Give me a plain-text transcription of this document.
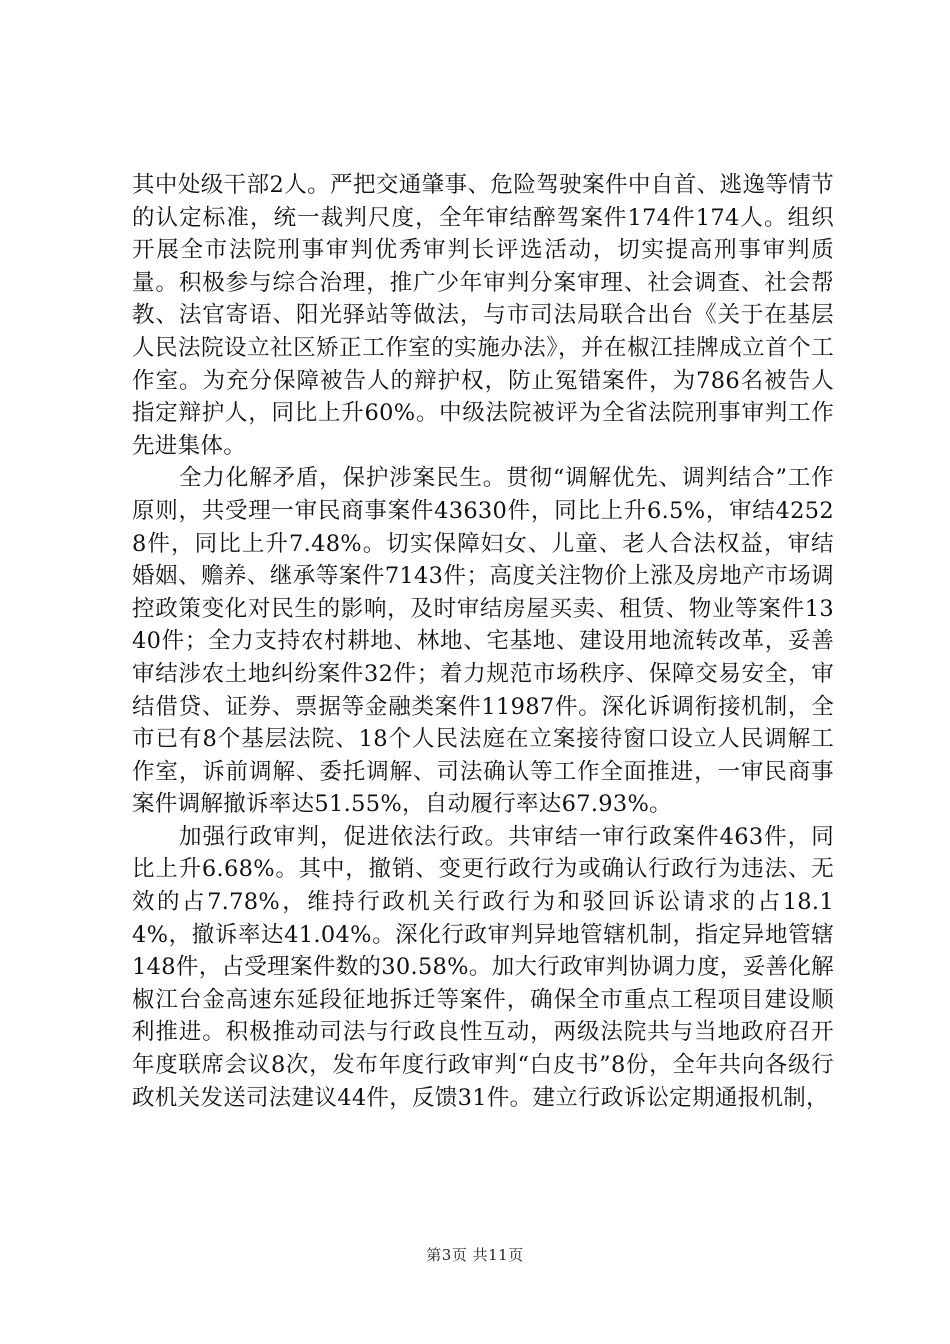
其中处级干部2人。严把交通肇事、危险驾驶案件中自首、逃逸等情节的认定标准，统一裁判尺度，全年审结醉驾案件174件174人。组织开展全市法院刑事审判优秀审判长评选活动，切实提高刑事审判质量。积极参与综合治理，推广少年审判分案审理、社会调查、社会帮教、法官寄语、阳光驿站等做法，与市司法局联合出台《关于在基层人民法院设立社区矫正工作室的实施办法》，并在椒江挂牌成立首个工作室。为充分保障被告人的辩护权，防止冤错案件，为786名被告人指定辩护人，同比上升60%。中级法院被评为全省法院刑事审判工作先进集体。

全力化解矛盾，保护涉案民生。贯彻“调解优先、调判结合”工作原则，共受理一审民商事案件43630件，同比上升6.5%，审结42528件，同比上升7.48%。切实保障妇女、儿童、老人合法权益，审结婚姻、赡养、继承等案件7143件；高度关注物价上涨及房地产市场调控政策变化对民生的影响，及时审结房屋买卖、租赁、物业等案件1340件；全力支持农村耕地、林地、宅基地、建设用地流转改革，妥善审结涉农土地纠纷案件32件；着力规范市场秩序、保障交易安全，审结借贷、证券、票据等金融类案件11987件。深化诉调衔接机制，全市已有8个基层法院、18个人民法庭在立案接待窗口设立人民调解工作室，诉前调解、委托调解、司法确认等工作全面推进，一审民商事案件调解撤诉率达51.55%，自动履行率达67.93%。

加强行政审判，促进依法行政。共审结一审行政案件463件，同比上升6.68%。其中，撤销、变更行政行为或确认行政行为违法、无效的占7.78%，维持行政机关行政行为和驳回诉讼请求的占18.14%，撤诉率达41.04%。深化行政审判异地管辖机制，指定异地管辖148件，占受理案件数的30.58%。加大行政审判协调力度，妥善化解椒江台金高速东延段征地拆迁等案件，确保全市重点工程项目建设顺利推进。积极推动司法与行政良性互动，两级法院共与当地政府召开年度联席会议8次，发布年度行政审判“白皮书”8份，全年共向各级行政机关发送司法建议44件，反馈31件。建立行政诉讼定期通报机制，

第3页 共11页
